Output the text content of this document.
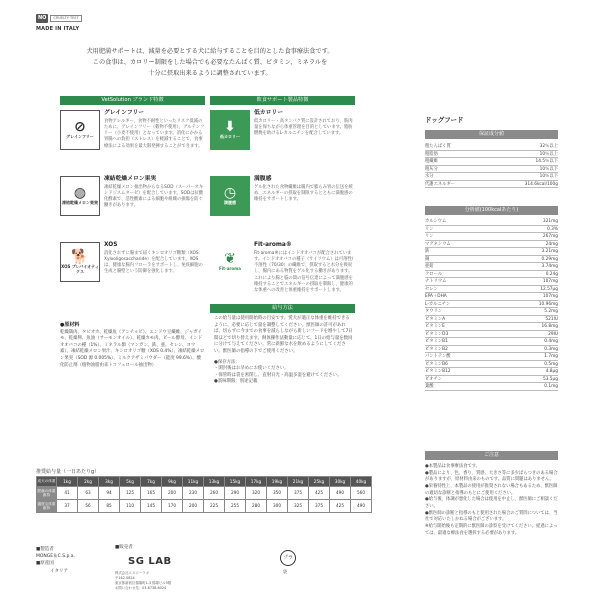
NO	CRUELTY TEST
MADE IN ITALY
犬用肥満サポートは、減量を必要とする犬に給与することを目的とした食事療法食です。
この食事は、カロリー制限をした場合でも必要なたんぱく質、ビタミン、ミネラルを
十分に摂取出来るように調整されています。
VetSolution ブランド特徴
⊘
グレインフリー
グレインフリー
食物アレルギー、食物不耐性といったリスク低減のために、グレインフリー（穀物不使用）、グルテンフリー（小麦不使用）となっています。消化にかかる胃腸への負担（ストレス）を軽減することで、食事療法による効果を最大限発揮することができます。
◍
凍結乾燥メロン果実
凍結乾燥メロン果実
凍結乾燥メロン抽出物からなるSOD（スーパーオキシドジスムターゼ）を配合しています。SODは抗酸化酵素で、活性酸素による細胞や組織の損傷を防ぐ働きがあります。
🐕
XOS プレバイオティクス
XOS
消化されずに腸まで届くキシロオリゴ糖類（XOS：Xylooligosaccharide）を配合しています。XOSは、健康な腸内フローラをサポートし、免疫細胞の生成と腸壁という防御を強化します。
飲食サポート製品特徴
⬇
低カロリー
低カロリー
低カロリー・高タンパク質に設計されており、筋肉量を保ちながら体重管理を目的としています。脂肪燃焼を助けるL-カルニチンを配合しています。
◷
満腹感
満腹感
ゲル化された食物繊維は腸内で膨らみ胃の伝送を緩め、エネルギーの摂取を制限するとともに満腹感の維持をサポートします。
❦
Fit-aroma
Fit-aroma®
Fit-aroma®にはインドオオバコが配合されています。インドオオバコの種子（サイリウム）は可溶性/不溶性（70/30）の繊維で、摂取すると水分を吸収し、腸内にある物質をゲル化する働きがあります。これにより腸と脳の間の信号伝達によって満腹感を維持することでエネルギーの摂取を制限し、健康的な体重への改善と体重維持をサポートします。
●原材料
乾燥鶏肉、タピオカ、乾燥魚（アンチョビ）、エンドウ豆繊維、ジャガイモ、乾燥卵、魚油（サーモンオイル）、乾燥カモ肉、ビール酵母、インドオオバコの種（1%）、ミネラル類（マンガン、鉄、亜、セレン、ヨウ素）、凍結乾燥メロン果汁、キシロオリゴ糖（XOS 0.4%）、凍結乾燥メロン果実（SOD 源 0.005%）、ミルクアザミパウダー（能度 99.6%）、酸化防止剤（植物油脂由来トコフェロール抽出物）
給与方法
この給与量は使用開始時の目安です。愛犬が適正な体重を維持できるように、必要に応じて量を調整してください。獣医師の許可があれば、切らずに今までの食事を減らしながら新しいフードを増やして7日間ほどで切り替えます。飼体操作法動量に応じて、1日の給与量を数回に分けて与えてください。常に新鮮な水を飲めるようにしてください。獣医師の指導の下でご使用ください。
●保存方法：
・開封後はお早めにお使いください。
・保管時は袋を密閉し、直射日光・高温多湿を避けてください。
●賞味期限：別途記載
ドッグフード
保証成分値
粗たんぱく質	32％以上
粗脂肪	10％以上
粗繊維	14.5％以下
粗灰分	10％以下
水分	10％以下
代謝エネルギー	314.6kcal/100g
分析値(100kcalあたり)
カルシウム	321mg
リン	0.3%
リン	267mg
マグネシウム	24mg
鉄	3.21mg
銅	0.29mg
亜鉛	3.74mg
クロール	0.24g
ナトリウム	107mg
セレン	12.57μg
EPA＋DHA	107mg
L-カルニチン	10.96mg
タウリン	5.2mg
ビタミンA	521IU
ビタミンE	16.8mg
ビタミンD3	29IU
ビタミンB1	0.4mg
ビタミンB2	0.3mg
パントテン酸	1.7mg
ビタミンB6	0.5mg
ビタミンB12	4.8μg
ビオチン	53.5μg
葉酸	0.1mg
ご注意
●本製品は食事療法食です。
●製品により、色、香り、質感、大きさ等に多少ばらつきのある場合がありますが、原材料由来のものです。品質に問題はありません。
●栄養特性上、本製品の使用が推奨されない場合もあるため、獣医師の適切な診断と指導のもとにご使用ください。
●給与後、体調が悪化した場合は使用を中止し、獣医師にご相談ください。
●獣医師の診断と指導のもと使用された場合のご質問については、当社で対応いたしかねる場合がございます。
※給与開始後も定期的に獣医師の診察を受けてください。経過によっては、最適な療法食を選択する必要があります。
推奨給与量（一日あたりg）
成犬の体重	1kg	2kg	3kg	5kg	7kg	9kg	11kg	13kg	15kg	17kg	19kg	21kg	25kg	30kg	40kg
肥満の体重維持	41	63	94	125	165	200	230	260	290	320	350	375	425	490	560
適度な体重維持	37	56	85	110	145	170	200	225	255	280	300	325	375	425	490
■製造者
MONGE＆C.S.p.a.
■原産国
イタリア
■販売者
SG LAB
株式会社エスジーラボ
〒162-0824
東京都新宿区揚場町1-3 揚場ビル5階
お問い合わせ先：03-6738-6024
プラ
袋
